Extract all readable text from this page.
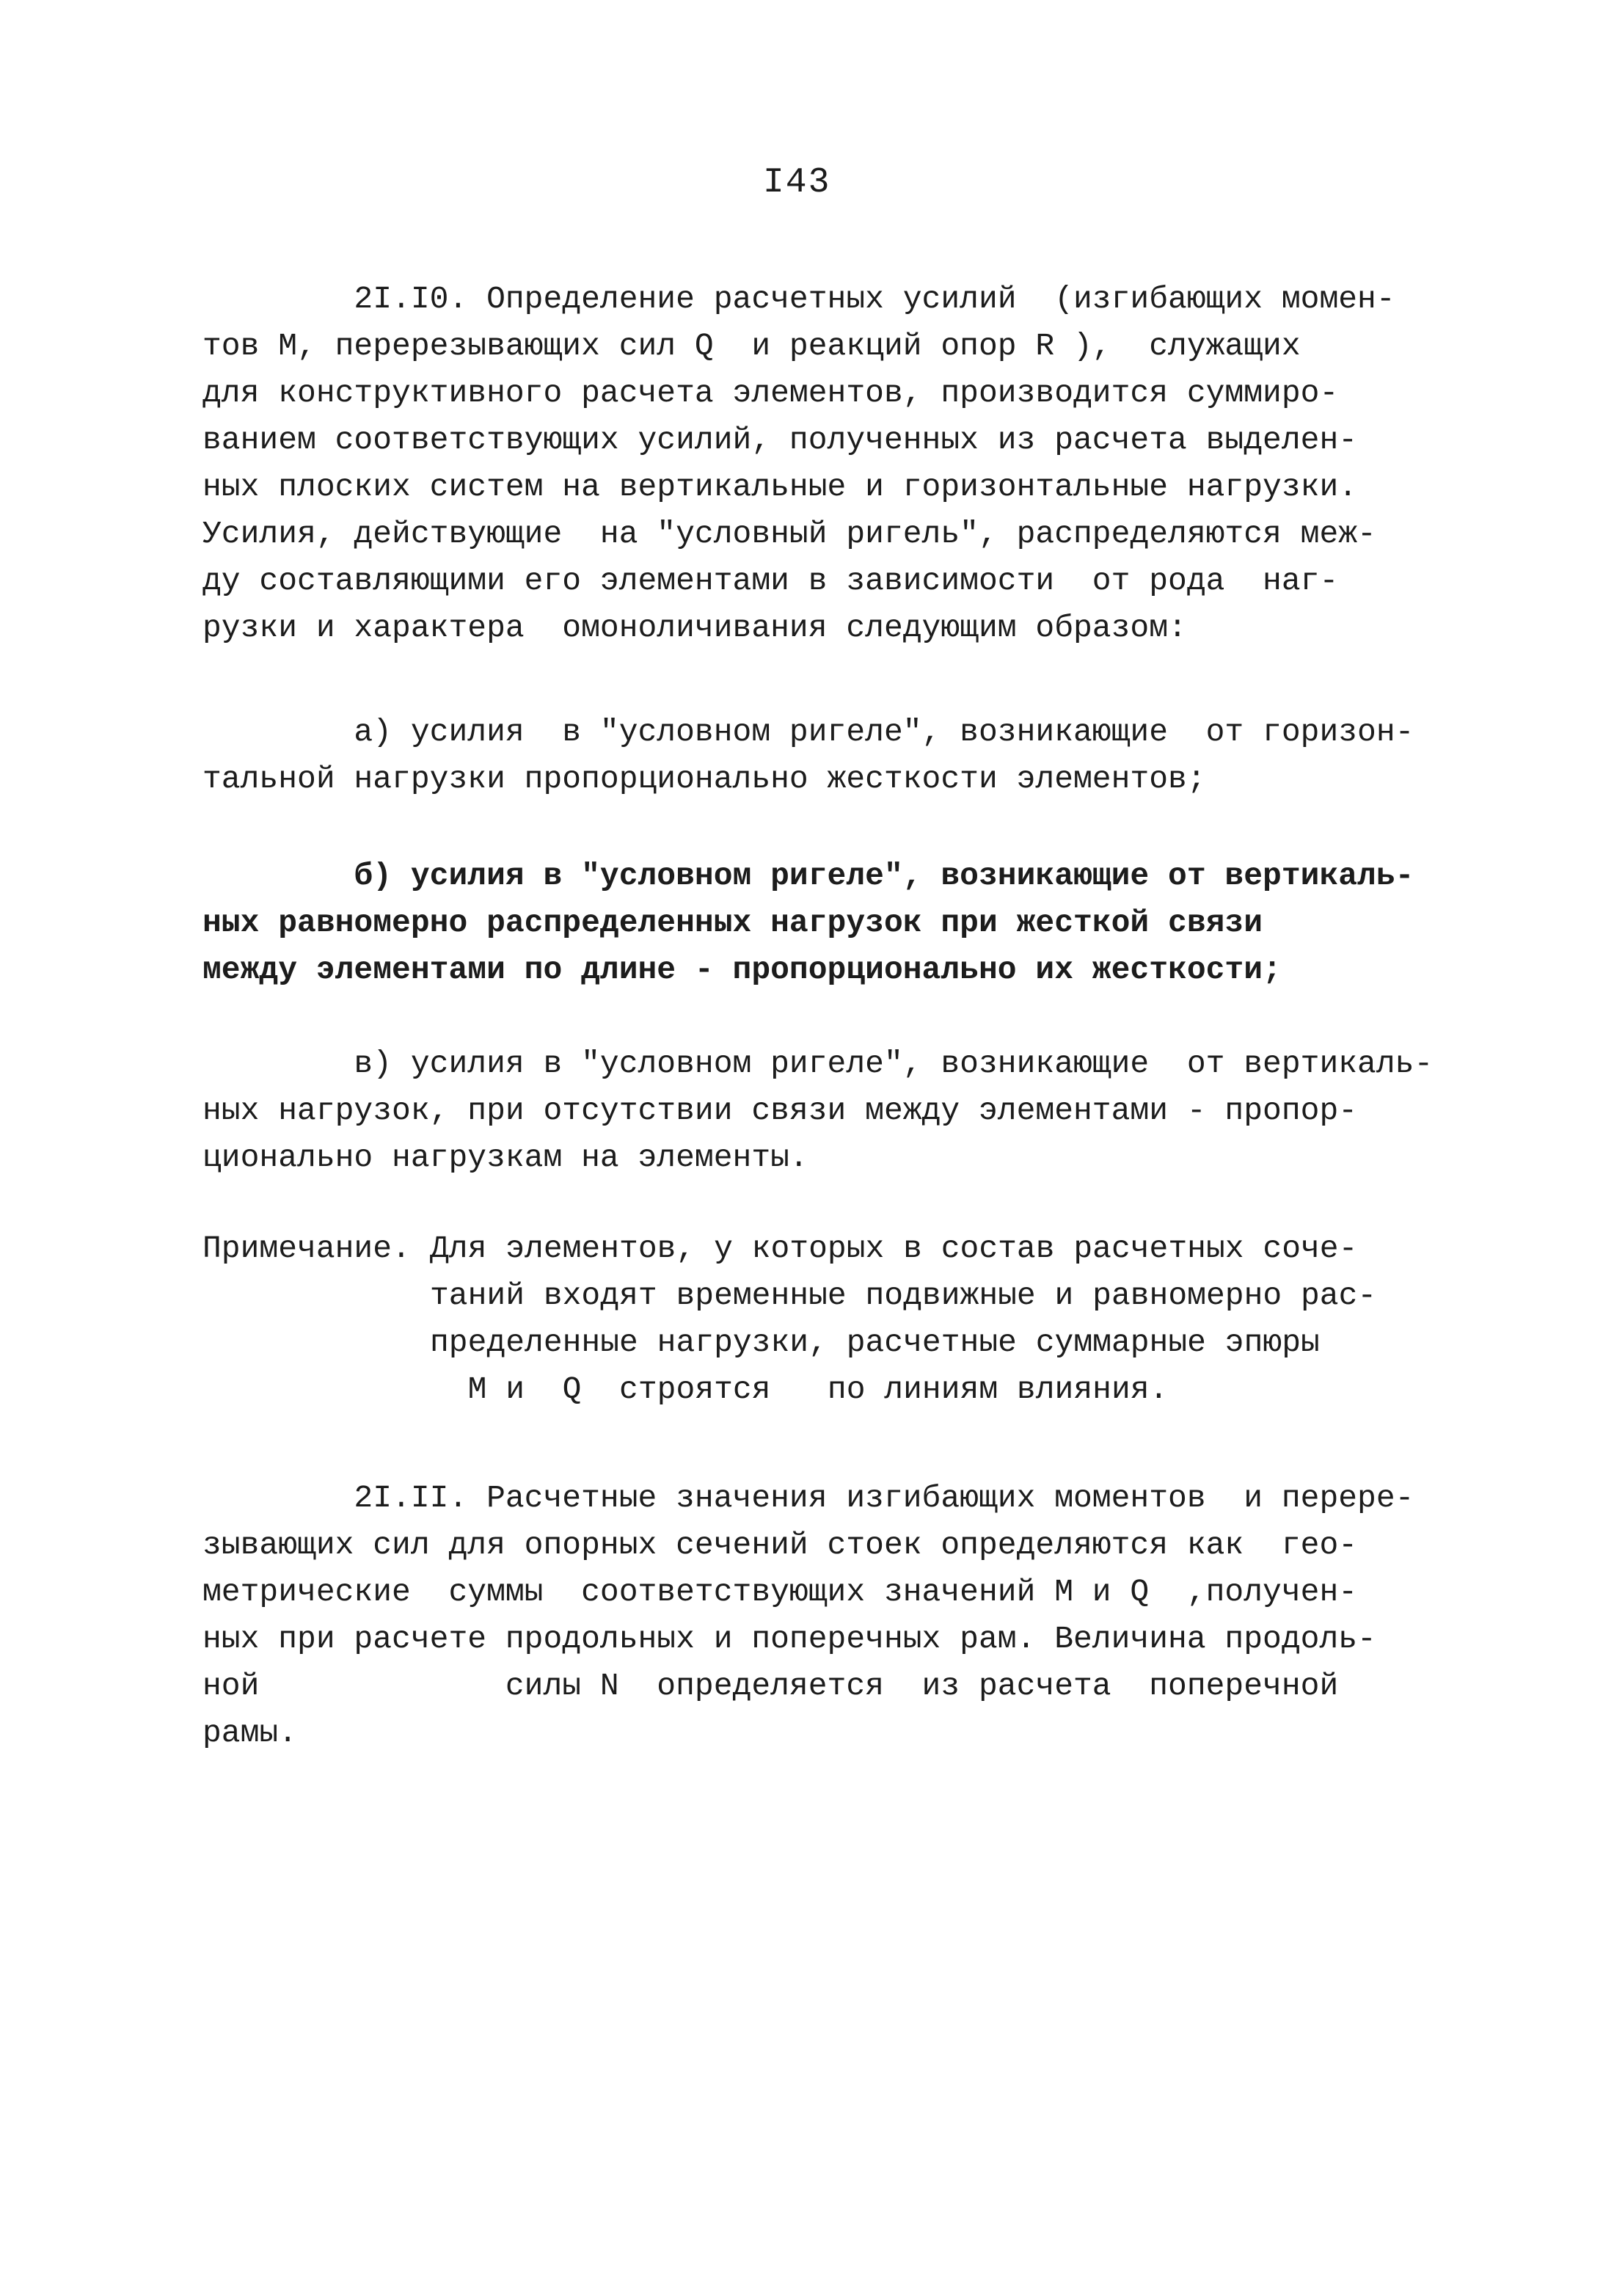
I43

2I.I0. Определение расчетных усилий  (изгибающих момен-

тов М, перерезывающих сил Q  и реакций опор R ),  служащих

для конструктивного расчета элементов, производится суммиро-

ванием соответствующих усилий, полученных из расчета выделен-

ных плоских систем на вертикальные и горизонтальные нагрузки.

Усилия, действующие  на "условный ригель", распределяются меж-

ду составляющими его элементами в зависимости  от рода  наг-

рузки и характера  омоноличивания следующим образом:

а) усилия  в "условном ригеле", возникающие  от горизон-

тальной нагрузки пропорционально жесткости элементов;

б) усилия в "условном ригеле", возникающие от вертикаль-

ных равномерно распределенных нагрузок при жесткой связи

между элементами по длине - пропорционально их жесткости;

в) усилия в "условном ригеле", возникающие  от вертикаль-

ных нагрузок, при отсутствии связи между элементами - пропор-

ционально нагрузкам на элементы.

Примечание. Для элементов, у которых в состав расчетных соче-

таний входят временные подвижные и равномерно рас-

пределенные нагрузки, расчетные суммарные эпюры

М и  Q  строятся   по линиям влияния.

2I.II. Расчетные значения изгибающих моментов  и перере-

зывающих сил для опорных сечений стоек определяются как  гео-

метрические  суммы  соответствующих значений М и Q  ,получен-

ных при расчете продольных и поперечных рам. Величина продоль-

ной             силы N  определяется  из расчета  поперечной

рамы.
